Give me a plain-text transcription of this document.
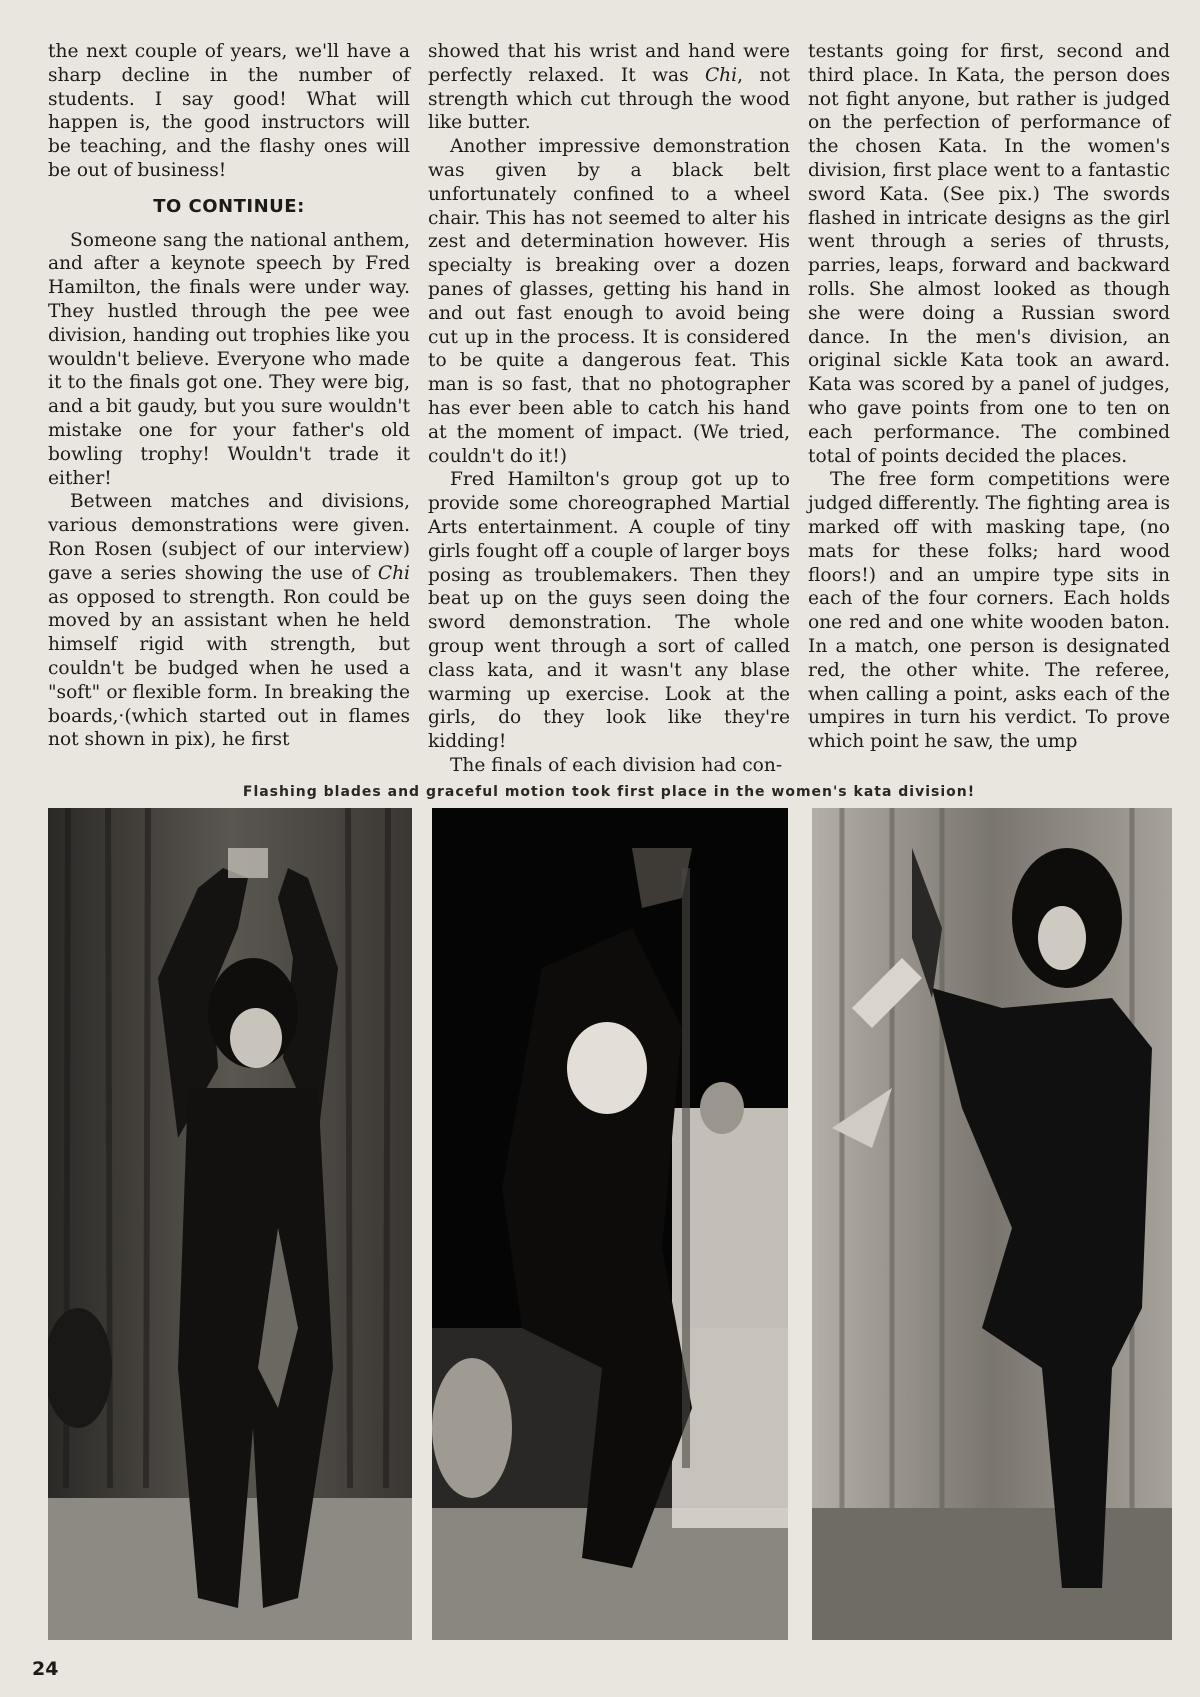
the next couple of years, we'll have a sharp decline in the number of students. I say good! What will happen is, the good instructors will be teaching, and the flashy ones will be out of business!

TO CONTINUE:

Someone sang the national anthem, and after a keynote speech by Fred Hamilton, the finals were under way. They hustled through the pee wee division, handing out trophies like you wouldn't believe. Everyone who made it to the finals got one. They were big, and a bit gaudy, but you sure wouldn't mistake one for your father's old bowling trophy! Wouldn't trade it either!

Between matches and divisions, various demonstrations were given. Ron Rosen (subject of our interview) gave a series showing the use of Chi as opposed to strength. Ron could be moved by an assistant when he held himself rigid with strength, but couldn't be budged when he used a "soft" or flexible form. In breaking the boards,·(which started out in flames not shown in pix), he first

showed that his wrist and hand were perfectly relaxed. It was Chi, not strength which cut through the wood like butter.

Another impressive demonstration was given by a black belt unfortunately confined to a wheel chair. This has not seemed to alter his zest and determination however. His specialty is breaking over a dozen panes of glasses, getting his hand in and out fast enough to avoid being cut up in the process. It is considered to be quite a dangerous feat. This man is so fast, that no photographer has ever been able to catch his hand at the moment of impact. (We tried, couldn't do it!)

Fred Hamilton's group got up to provide some choreographed Martial Arts entertainment. A couple of tiny girls fought off a couple of larger boys posing as troublemakers. Then they beat up on the guys seen doing the sword demonstration. The whole group went through a sort of called class kata, and it wasn't any blase warming up exercise. Look at the girls, do they look like they're kidding!

The finals of each division had con-

testants going for first, second and third place. In Kata, the person does not fight anyone, but rather is judged on the perfection of performance of the chosen Kata. In the women's division, first place went to a fantastic sword Kata. (See pix.) The swords flashed in intricate designs as the girl went through a series of thrusts, parries, leaps, forward and backward rolls. She almost looked as though she were doing a Russian sword dance. In the men's division, an original sickle Kata took an award. Kata was scored by a panel of judges, who gave points from one to ten on each performance. The combined total of points decided the places.

The free form competitions were judged differently. The fighting area is marked off with masking tape, (no mats for these folks; hard wood floors!) and an umpire type sits in each of the four corners. Each holds one red and one white wooden baton. In a match, one person is designated red, the other white. The referee, when calling a point, asks each of the umpires in turn his verdict. To prove which point he saw, the ump

Flashing blades and graceful motion took first place in the women's kata division!
24
